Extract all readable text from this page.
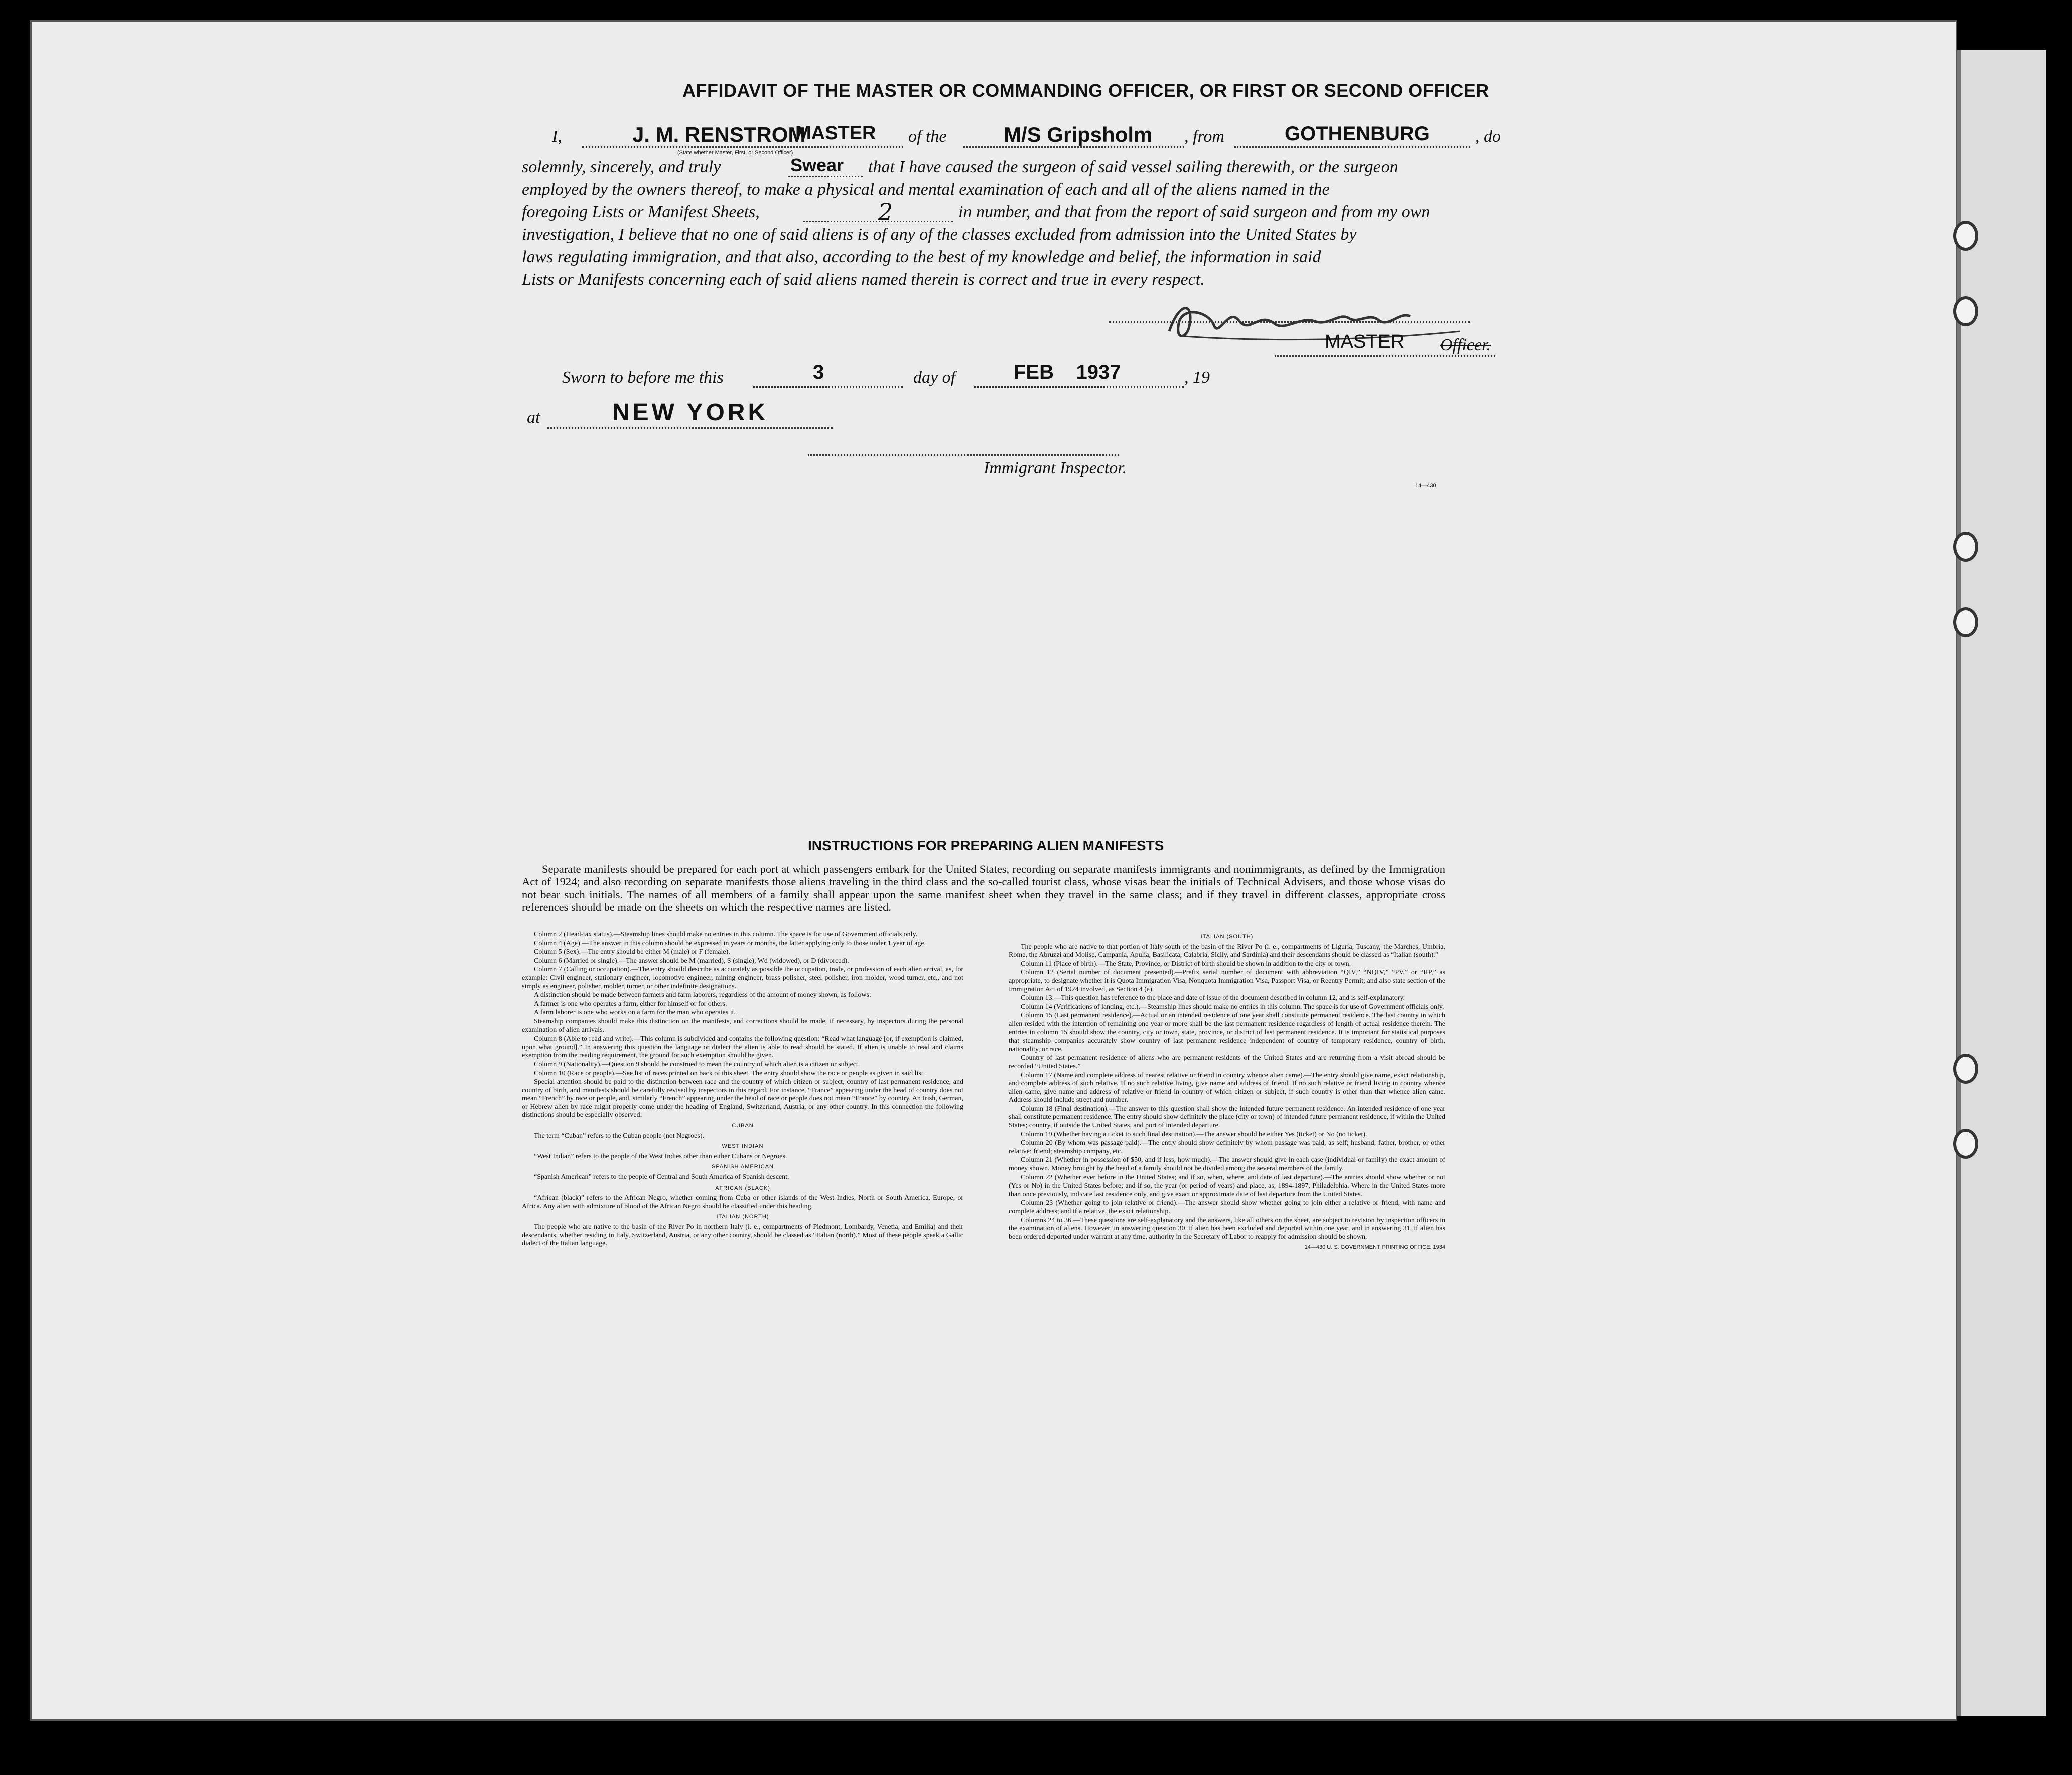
AFFIDAVIT OF THE MASTER OR COMMANDING OFFICER, OR FIRST OR SECOND OFFICER
I,	J. M. RENSTROM
MASTER of the
(State whether Master, First, or Second Officer)
M/S Gripsholm , from	GOTHENBURG	, do
solemnly, sincerely, and truly	Swear that I have caused the surgeon of said vessel sailing therewith, or the surgeon
employed by the owners thereof, to make a physical and mental examination of each and all of the aliens named in the
foregoing Lists or Manifest Sheets,	2	in number, and that from the report of said surgeon and from my own
investigation, I believe that no one of said aliens is of any of the classes excluded from admission into the United States by
laws regulating immigration, and that also, according to the best of my knowledge and belief, the information in said
Lists or Manifests concerning each of said aliens named therein is correct and true in every respect.
MASTER Officer.
Sworn to before me this	3	day of	FEB    1937	, 19
at	NEW YORK
Immigrant Inspector.
14—430
INSTRUCTIONS FOR PREPARING ALIEN MANIFESTS
Separate manifests should be prepared for each port at which passengers embark for the United States, recording on separate manifests immigrants and nonimmigrants, as defined by the Immigration Act of 1924; and also recording on separate manifests those aliens traveling in the third class and the so-called tourist class, whose visas bear the initials of Technical Advisers, and those whose visas do not bear such initials. The names of all members of a family shall appear upon the same manifest sheet when they travel in the same class; and if they travel in different classes, appropriate cross references should be made on the sheets on which the respective names are listed.

Column 2 (Head-tax status).—Steamship lines should make no entries in this column. The space is for use of Government officials only.

Column 4 (Age).—The answer in this column should be expressed in years or months, the latter applying only to those under 1 year of age.

Column 5 (Sex).—The entry should be either M (male) or F (female).

Column 6 (Married or single).—The answer should be M (married), S (single), Wd (widowed), or D (divorced).

Column 7 (Calling or occupation).—The entry should describe as accurately as possible the occupation, trade, or profession of each alien arrival, as, for example: Civil engineer, stationary engineer, locomotive engineer, mining engineer, brass polisher, steel polisher, iron molder, wood turner, etc., and not simply as engineer, polisher, molder, turner, or other indefinite designations.

A distinction should be made between farmers and farm laborers, regardless of the amount of money shown, as follows:

A farmer is one who operates a farm, either for himself or for others.

A farm laborer is one who works on a farm for the man who operates it.

Steamship companies should make this distinction on the manifests, and corrections should be made, if necessary, by inspectors during the personal examination of alien arrivals.

Column 8 (Able to read and write).—This column is subdivided and contains the following question: “Read what language [or, if exemption is claimed, upon what ground].” In answering this question the language or dialect the alien is able to read should be stated. If alien is unable to read and claims exemption from the reading requirement, the ground for such exemption should be given.

Column 9 (Nationality).—Question 9 should be construed to mean the country of which alien is a citizen or subject.

Column 10 (Race or people).—See list of races printed on back of this sheet. The entry should show the race or people as given in said list.

Special attention should be paid to the distinction between race and the country of which citizen or subject, country of last permanent residence, and country of birth, and manifests should be carefully revised by inspectors in this regard. For instance, “France” appearing under the head of country does not mean “French” by race or people, and, similarly “French” appearing under the head of race or people does not mean “France” by country. An Irish, German, or Hebrew alien by race might properly come under the heading of England, Switzerland, Austria, or any other country. In this connection the following distinctions should be especially observed:

CUBAN

The term “Cuban” refers to the Cuban people (not Negroes).

WEST INDIAN

“West Indian” refers to the people of the West Indies other than either Cubans or Negroes.

SPANISH AMERICAN

“Spanish American” refers to the people of Central and South America of Spanish descent.

AFRICAN (BLACK)

“African (black)” refers to the African Negro, whether coming from Cuba or other islands of the West Indies, North or South America, Europe, or Africa. Any alien with admixture of blood of the African Negro should be classified under this heading.

ITALIAN (NORTH)

The people who are native to the basin of the River Po in northern Italy (i. e., compartments of Piedmont, Lombardy, Venetia, and Emilia) and their descendants, whether residing in Italy, Switzerland, Austria, or any other country, should be classed as “Italian (north).” Most of these people speak a Gallic dialect of the Italian language.

ITALIAN (SOUTH)

The people who are native to that portion of Italy south of the basin of the River Po (i. e., compartments of Liguria, Tuscany, the Marches, Umbria, Rome, the Abruzzi and Molise, Campania, Apulia, Basilicata, Calabria, Sicily, and Sardinia) and their descendants should be classed as “Italian (south).”

Column 11 (Place of birth).—The State, Province, or District of birth should be shown in addition to the city or town.

Column 12 (Serial number of document presented).—Prefix serial number of document with abbreviation “QIV,” “NQIV,” “PV,” or “RP,” as appropriate, to designate whether it is Quota Immigration Visa, Nonquota Immigration Visa, Passport Visa, or Reentry Permit; and also state section of the Immigration Act of 1924 involved, as Section 4 (a).

Column 13.—This question has reference to the place and date of issue of the document described in column 12, and is self-explanatory.

Column 14 (Verifications of landing, etc.).—Steamship lines should make no entries in this column. The space is for use of Government officials only.

Column 15 (Last permanent residence).—Actual or an intended residence of one year shall constitute permanent residence. The last country in which alien resided with the intention of remaining one year or more shall be the last permanent residence regardless of length of actual residence therein. The entries in column 15 should show the country, city or town, state, province, or district of last permanent residence. It is important for statistical purposes that steamship companies accurately show country of last permanent residence independent of country of temporary residence, country of birth, nationality, or race.

Country of last permanent residence of aliens who are permanent residents of the United States and are returning from a visit abroad should be recorded “United States.”

Column 17 (Name and complete address of nearest relative or friend in country whence alien came).—The entry should give name, exact relationship, and complete address of such relative. If no such relative living, give name and address of friend. If no such relative or friend living in country whence alien came, give name and address of relative or friend in country of which citizen or subject, if such country is other than that whence alien came. Address should include street and number.

Column 18 (Final destination).—The answer to this question shall show the intended future permanent residence. An intended residence of one year shall constitute permanent residence. The entry should show definitely the place (city or town) of intended future permanent residence, if within the United States; country, if outside the United States, and port of intended departure.

Column 19 (Whether having a ticket to such final destination).—The answer should be either Yes (ticket) or No (no ticket).

Column 20 (By whom was passage paid).—The entry should show definitely by whom passage was paid, as self; husband, father, brother, or other relative; friend; steamship company, etc.

Column 21 (Whether in possession of $50, and if less, how much).—The answer should give in each case (individual or family) the exact amount of money shown. Money brought by the head of a family should not be divided among the several members of the family.

Column 22 (Whether ever before in the United States; and if so, when, where, and date of last departure).—The entries should show whether or not (Yes or No) in the United States before; and if so, the year (or period of years) and place, as, 1894-1897, Philadelphia. Where in the United States more than once previously, indicate last residence only, and give exact or approximate date of last departure from the United States.

Column 23 (Whether going to join relative or friend).—The answer should show whether going to join either a relative or friend, with name and complete address; and if a relative, the exact relationship.

Columns 24 to 36.—These questions are self-explanatory and the answers, like all others on the sheet, are subject to revision by inspection officers in the examination of aliens. However, in answering question 30, if alien has been excluded and deported within one year, and in answering 31, if alien has been ordered deported under warrant at any time, authority in the Secretary of Labor to reapply for admission should be shown.

14—430 U. S. GOVERNMENT PRINTING OFFICE: 1934
